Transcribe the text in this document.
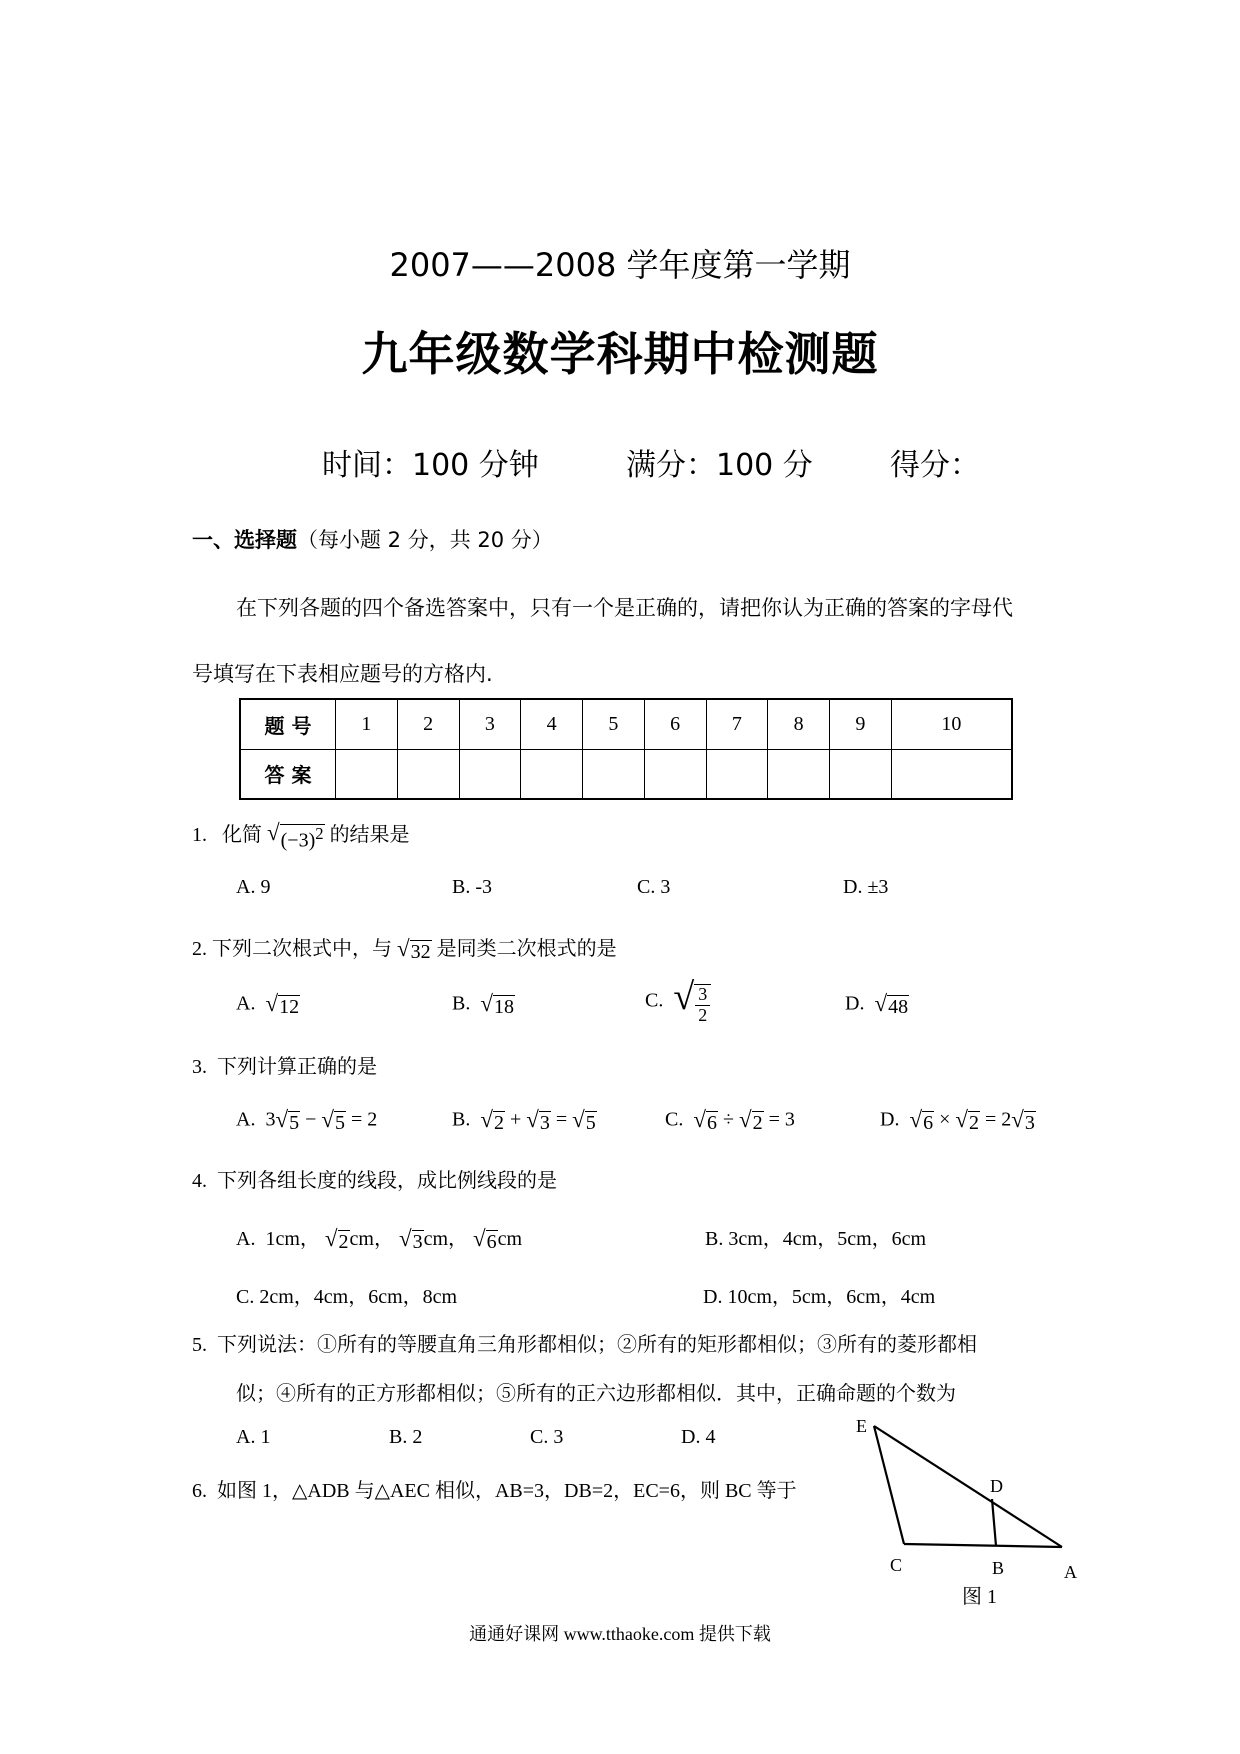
2007——2008 学年度第一学期
九年级数学科期中检测题
时间：100 分钟	满分：100 分	得分：
一、选择题（每小题 2 分，共 20 分）
在下列各题的四个备选答案中，只有一个是正确的，请把你认为正确的答案的字母代
号填写在下表相应题号的方格内.
题 号	1	2	3	4	5	6	7	8	9	10
答 案										
1. 化简 √ $(-3)^2$ 的结果是
A. 9	B. -3	C. 3	D. ±3
2. 下列二次根式中，与 √ 32 是同类二次根式的是
A. √ 12	B. √ 18	C. √ $\frac{3}{2}$	D. √ 48
3. 下列计算正确的是
A.  3 √ 5 − √ 5 = 2	B. √ 2 + √ 3 = √ 5	C. √ 6 ÷ √ 2 = 3	D. √ 6 × √ 2 = 2 √ 3
4. 下列各组长度的线段，成比例线段的是
A. 1cm， √ 2 cm， √ 3 cm， √ 6 cm	B. 3cm，4cm，5cm，6cm
C. 2cm，4cm，6cm，8cm	D. 10cm，5cm，6cm，4cm
5. 下列说法：①所有的等腰直角三角形都相似；②所有的矩形都相似；③所有的菱形都相
似；④所有的正方形都相似；⑤所有的正六边形都相似．其中，正确命题的个数为
A. 1	B. 2	C. 3	D. 4
6. 如图 1，△ADB 与△AEC 相似，AB=3，DB=2，EC=6，则 BC 等于
E
D
C	B	A
图 1
通通好课网 www.tthaoke.com 提供下载
